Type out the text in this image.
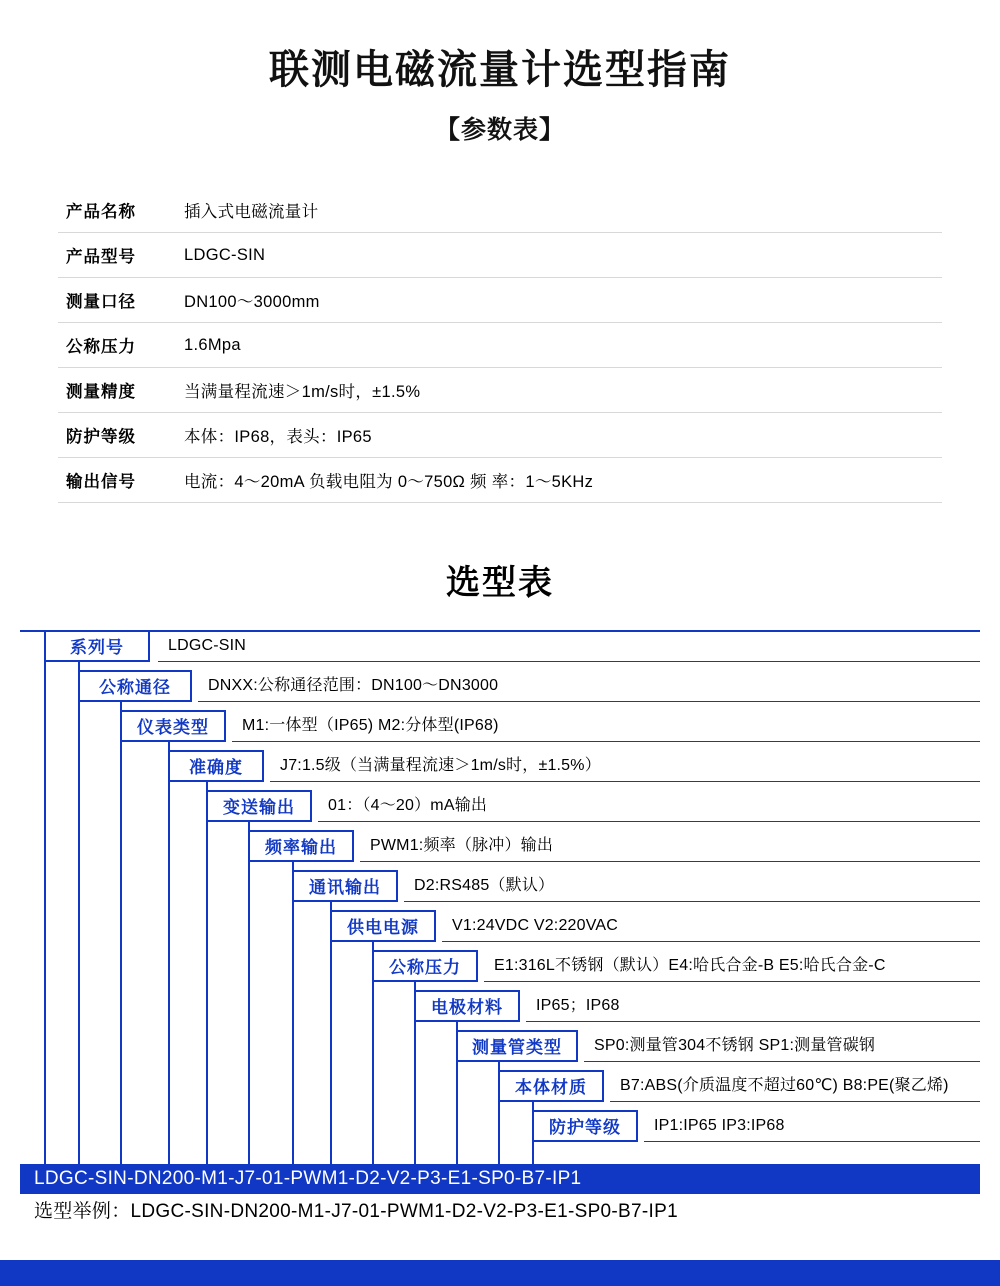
联测电磁流量计选型指南
【参数表】
产品名称	插入式电磁流量计
产品型号	LDGC-SIN
测量口径	DN100～3000mm
公称压力	1.6Mpa
测量精度	当满量程流速＞1m/s时，±1.5%
防护等级	本体：IP68，表头：IP65
输出信号	电流：4～20mA 负载电阻为 0～750Ω 频 率：1～5KHz
选型表
系列号	LDGC-SIN
公称通径	DNXX:公称通径范围：DN100～DN3000
仪表类型	M1:一体型（IP65) M2:分体型(IP68)
准确度	J7:1.5级（当满量程流速＞1m/s时，±1.5%）
变送输出	01：（4～20）mA输出
频率输出	PWM1:频率（脉冲）输出
通讯输出	D2:RS485（默认）
供电电源	V1:24VDC V2:220VAC
公称压力	E1:316L不锈钢（默认）E4:哈氏合金-B E5:哈氏合金-C
电极材料	IP65；IP68
测量管类型	SP0:测量管304不锈钢 SP1:测量管碳钢
本体材质	B7:ABS(介质温度不超过60℃) B8:PE(聚乙烯)
防护等级	IP1:IP65 IP3:IP68
LDGC-SIN-DN200-M1-J7-01-PWM1-D2-V2-P3-E1-SP0-B7-IP1
选型举例：LDGC-SIN-DN200-M1-J7-01-PWM1-D2-V2-P3-E1-SP0-B7-IP1
